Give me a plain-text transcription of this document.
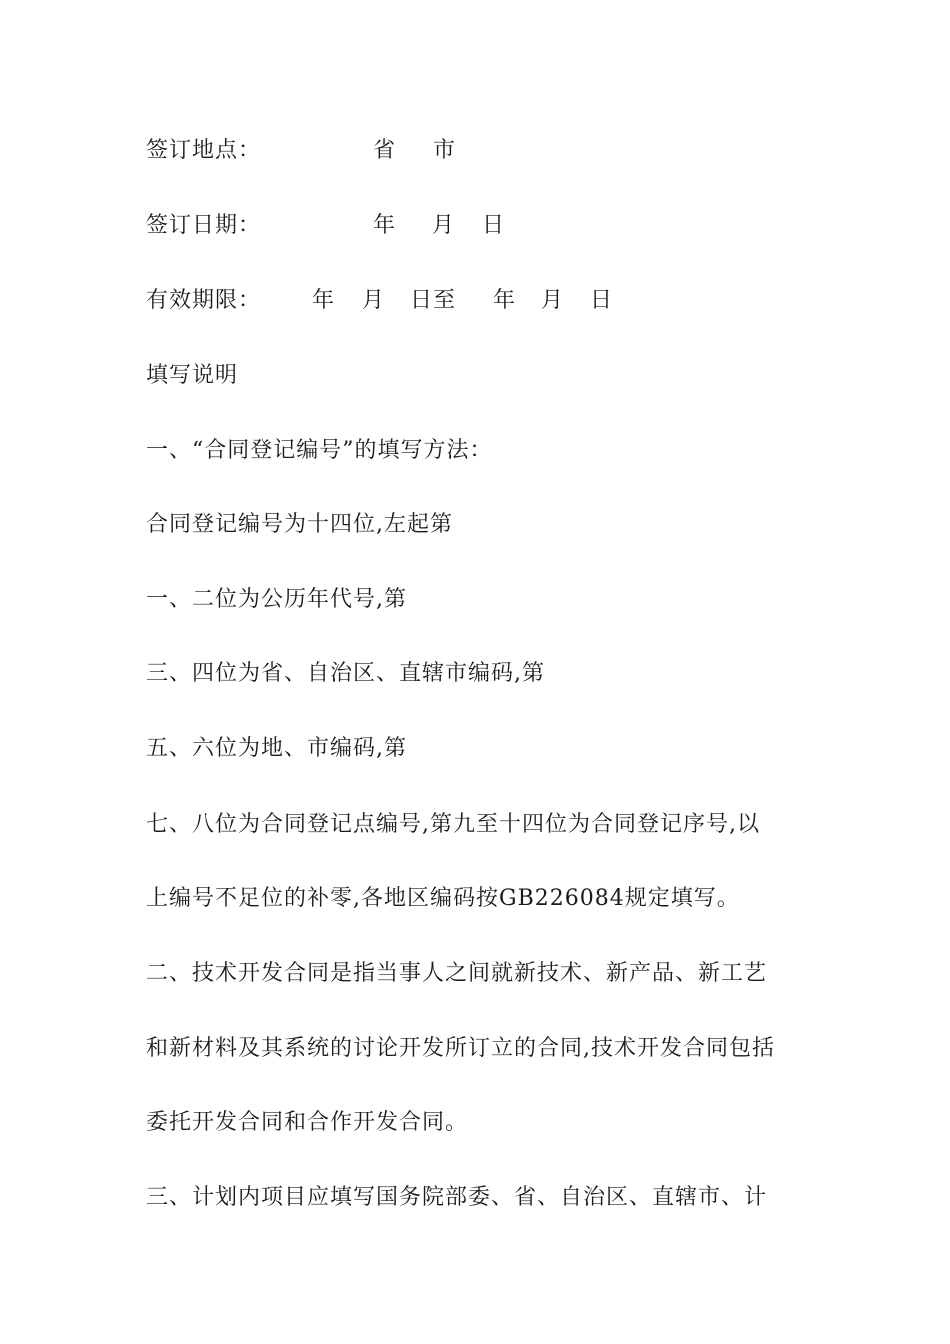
签订地点：	省 市
签订日期：	年 月 日
有效期限： 年 月 日至 年 月 日
填写说明
一、“合同登记编号”的填写方法：
合同登记编号为十四位,左起第
一、二位为公历年代号,第
三、四位为省、自治区、直辖市编码,第
五、六位为地、市编码,第
七、八位为合同登记点编号,第九至十四位为合同登记序号,以
上编号不足位的补零,各地区编码按GB226084规定填写。
二、技术开发合同是指当事人之间就新技术、新产品、新工艺
和新材料及其系统的讨论开发所订立的合同,技术开发合同包括
委托开发合同和合作开发合同。
三、计划内项目应填写国务院部委、省、自治区、直辖市、计
